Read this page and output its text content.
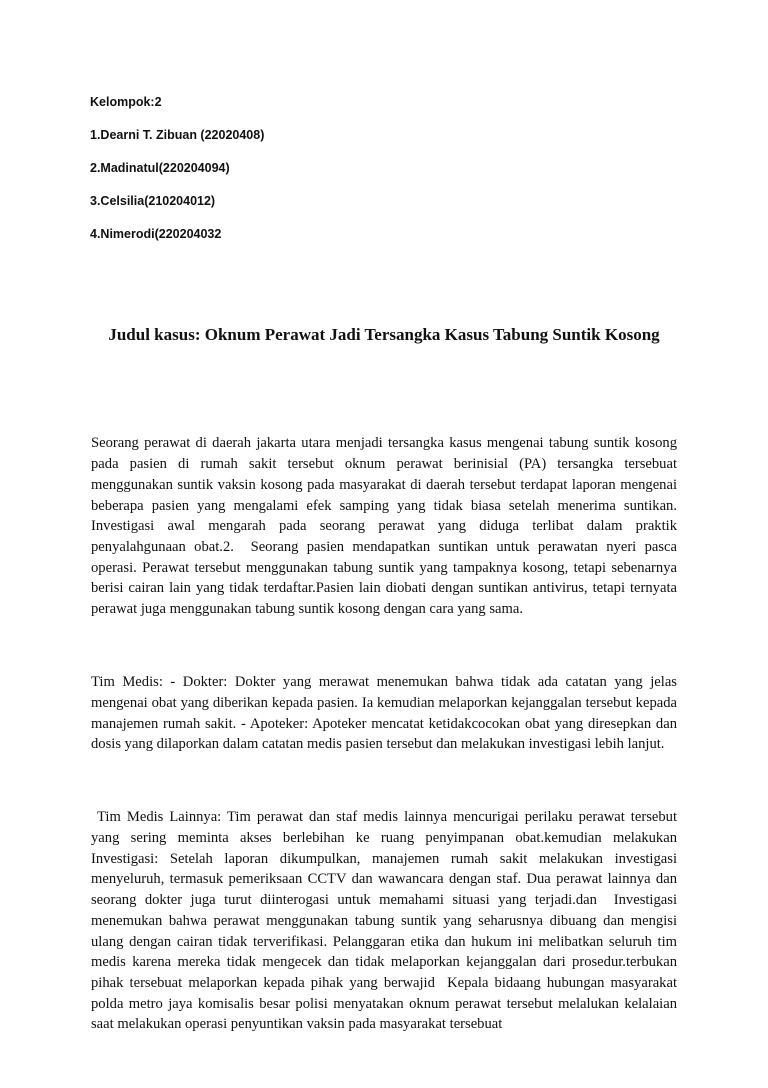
Kelompok:2
1.Dearni T. Zibuan (22020408)
2.Madinatul(220204094)
3.Celsilia(210204012)
4.Nimerodi(220204032
Judul kasus: Oknum Perawat Jadi Tersangka Kasus Tabung Suntik Kosong

Seorang perawat di daerah jakarta utara menjadi tersangka kasus mengenai tabung suntik kosong pada pasien di rumah sakit tersebut oknum perawat berinisial (PA) tersangka tersebuat menggunakan suntik vaksin kosong pada masyarakat di daerah tersebut terdapat laporan mengenai beberapa pasien yang mengalami efek samping yang tidak biasa setelah menerima suntikan. Investigasi awal mengarah pada seorang perawat yang diduga terlibat dalam praktik penyalahgunaan obat.2.  Seorang pasien mendapatkan suntikan untuk perawatan nyeri pasca operasi. Perawat tersebut menggunakan tabung suntik yang tampaknya kosong, tetapi sebenarnya berisi cairan lain yang tidak terdaftar.Pasien lain diobati dengan suntikan antivirus, tetapi ternyata perawat juga menggunakan tabung suntik kosong dengan cara yang sama.

Tim Medis: - Dokter: Dokter yang merawat menemukan bahwa tidak ada catatan yang jelas mengenai obat yang diberikan kepada pasien. Ia kemudian melaporkan kejanggalan tersebut kepada manajemen rumah sakit. - Apoteker: Apoteker mencatat ketidakcocokan obat yang diresepkan dan dosis yang dilaporkan dalam catatan medis pasien tersebut dan melakukan investigasi lebih lanjut.

Tim Medis Lainnya: Tim perawat dan staf medis lainnya mencurigai perilaku perawat tersebut yang sering meminta akses berlebihan ke ruang penyimpanan obat.kemudian melakukan Investigasi: Setelah laporan dikumpulkan, manajemen rumah sakit melakukan investigasi menyeluruh, termasuk pemeriksaan CCTV dan wawancara dengan staf. Dua perawat lainnya dan seorang dokter juga turut diinterogasi untuk memahami situasi yang terjadi.dan  Investigasi menemukan bahwa perawat menggunakan tabung suntik yang seharusnya dibuang dan mengisi ulang dengan cairan tidak terverifikasi. Pelanggaran etika dan hukum ini melibatkan seluruh tim medis karena mereka tidak mengecek dan tidak melaporkan kejanggalan dari prosedur.terbukan pihak tersebuat melaporkan kepada pihak yang berwajid  Kepala bidaang hubungan masyarakat polda metro jaya komisalis besar polisi menyatakan oknum perawat tersebut melalukan kelalaian saat melakukan operasi penyuntikan vaksin pada masyarakat tersebuat
